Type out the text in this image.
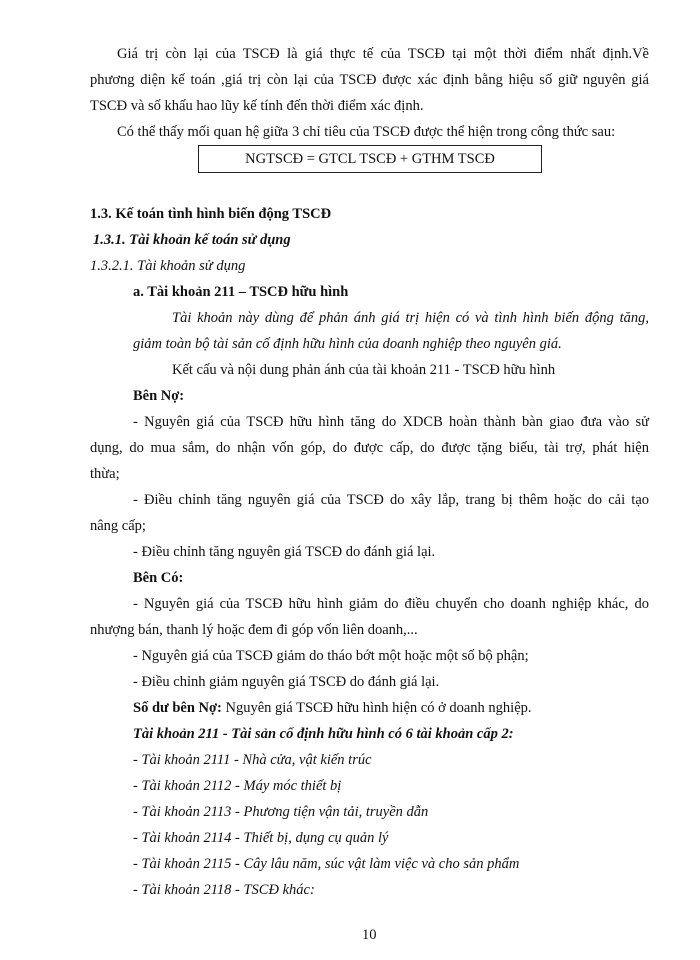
Giá trị còn lại của TSCĐ là giá thực tế của TSCĐ tại một thời điểm nhất định.Về
phương diện kế toán ,giá trị còn lại của TSCĐ được xác định bằng hiệu số giữ nguyên giá
TSCĐ và số khấu hao lũy kế tính đến thời điểm xác định.
Có thể thấy mối quan hệ giữa 3 chỉ tiêu của TSCĐ được thể hiện trong công thức sau:
NGTSCĐ = GTCL TSCĐ + GTHM TSCĐ
1.3. Kế toán tình hình biến động TSCĐ
1.3.1. Tài khoản kế toán sử dụng
1.3.2.1. Tài khoản sử dụng
a. Tài khoản 211 – TSCĐ hữu hình
Tài khoản này dùng để phản ánh giá trị hiện có và tình hình biến động tăng,
giảm toàn bộ tài sản cố định hữu hình của doanh nghiệp theo nguyên giá.
Kết cấu và nội dung phản ánh của tài khoản 211 - TSCĐ hữu hình
Bên Nợ:
- Nguyên giá của TSCĐ hữu hình tăng do XDCB hoàn thành bàn giao đưa vào sử
dụng, do mua sắm, do nhận vốn góp, do được cấp, do được tặng biếu, tài trợ, phát hiện
thừa;
- Điều chỉnh tăng nguyên giá của TSCĐ do xây lắp, trang bị thêm hoặc do cải tạo
nâng cấp;
- Điều chỉnh tăng nguyên giá TSCĐ do đánh giá lại.
Bên Có:
- Nguyên giá của TSCĐ hữu hình giảm do điều chuyển cho doanh nghiệp khác, do
nhượng bán, thanh lý hoặc đem đi góp vốn liên doanh,...
- Nguyên giá của TSCĐ giảm do tháo bớt một hoặc một số bộ phận;
- Điều chỉnh giảm nguyên giá TSCĐ do đánh giá lại.
Số dư bên Nợ: Nguyên giá TSCĐ hữu hình hiện có ở doanh nghiệp.
Tài khoản 211 - Tài sản cố định hữu hình có 6 tài khoản cấp 2:
- Tài khoản 2111 - Nhà cửa, vật kiến trúc
- Tài khoản 2112 - Máy móc thiết bị
- Tài khoản 2113 - Phương tiện vận tải, truyền dẫn
- Tài khoản 2114 - Thiết bị, dụng cụ quản lý
- Tài khoản 2115 - Cây lâu năm, súc vật làm việc và cho sản phẩm
- Tài khoản 2118 - TSCĐ khác:
10
